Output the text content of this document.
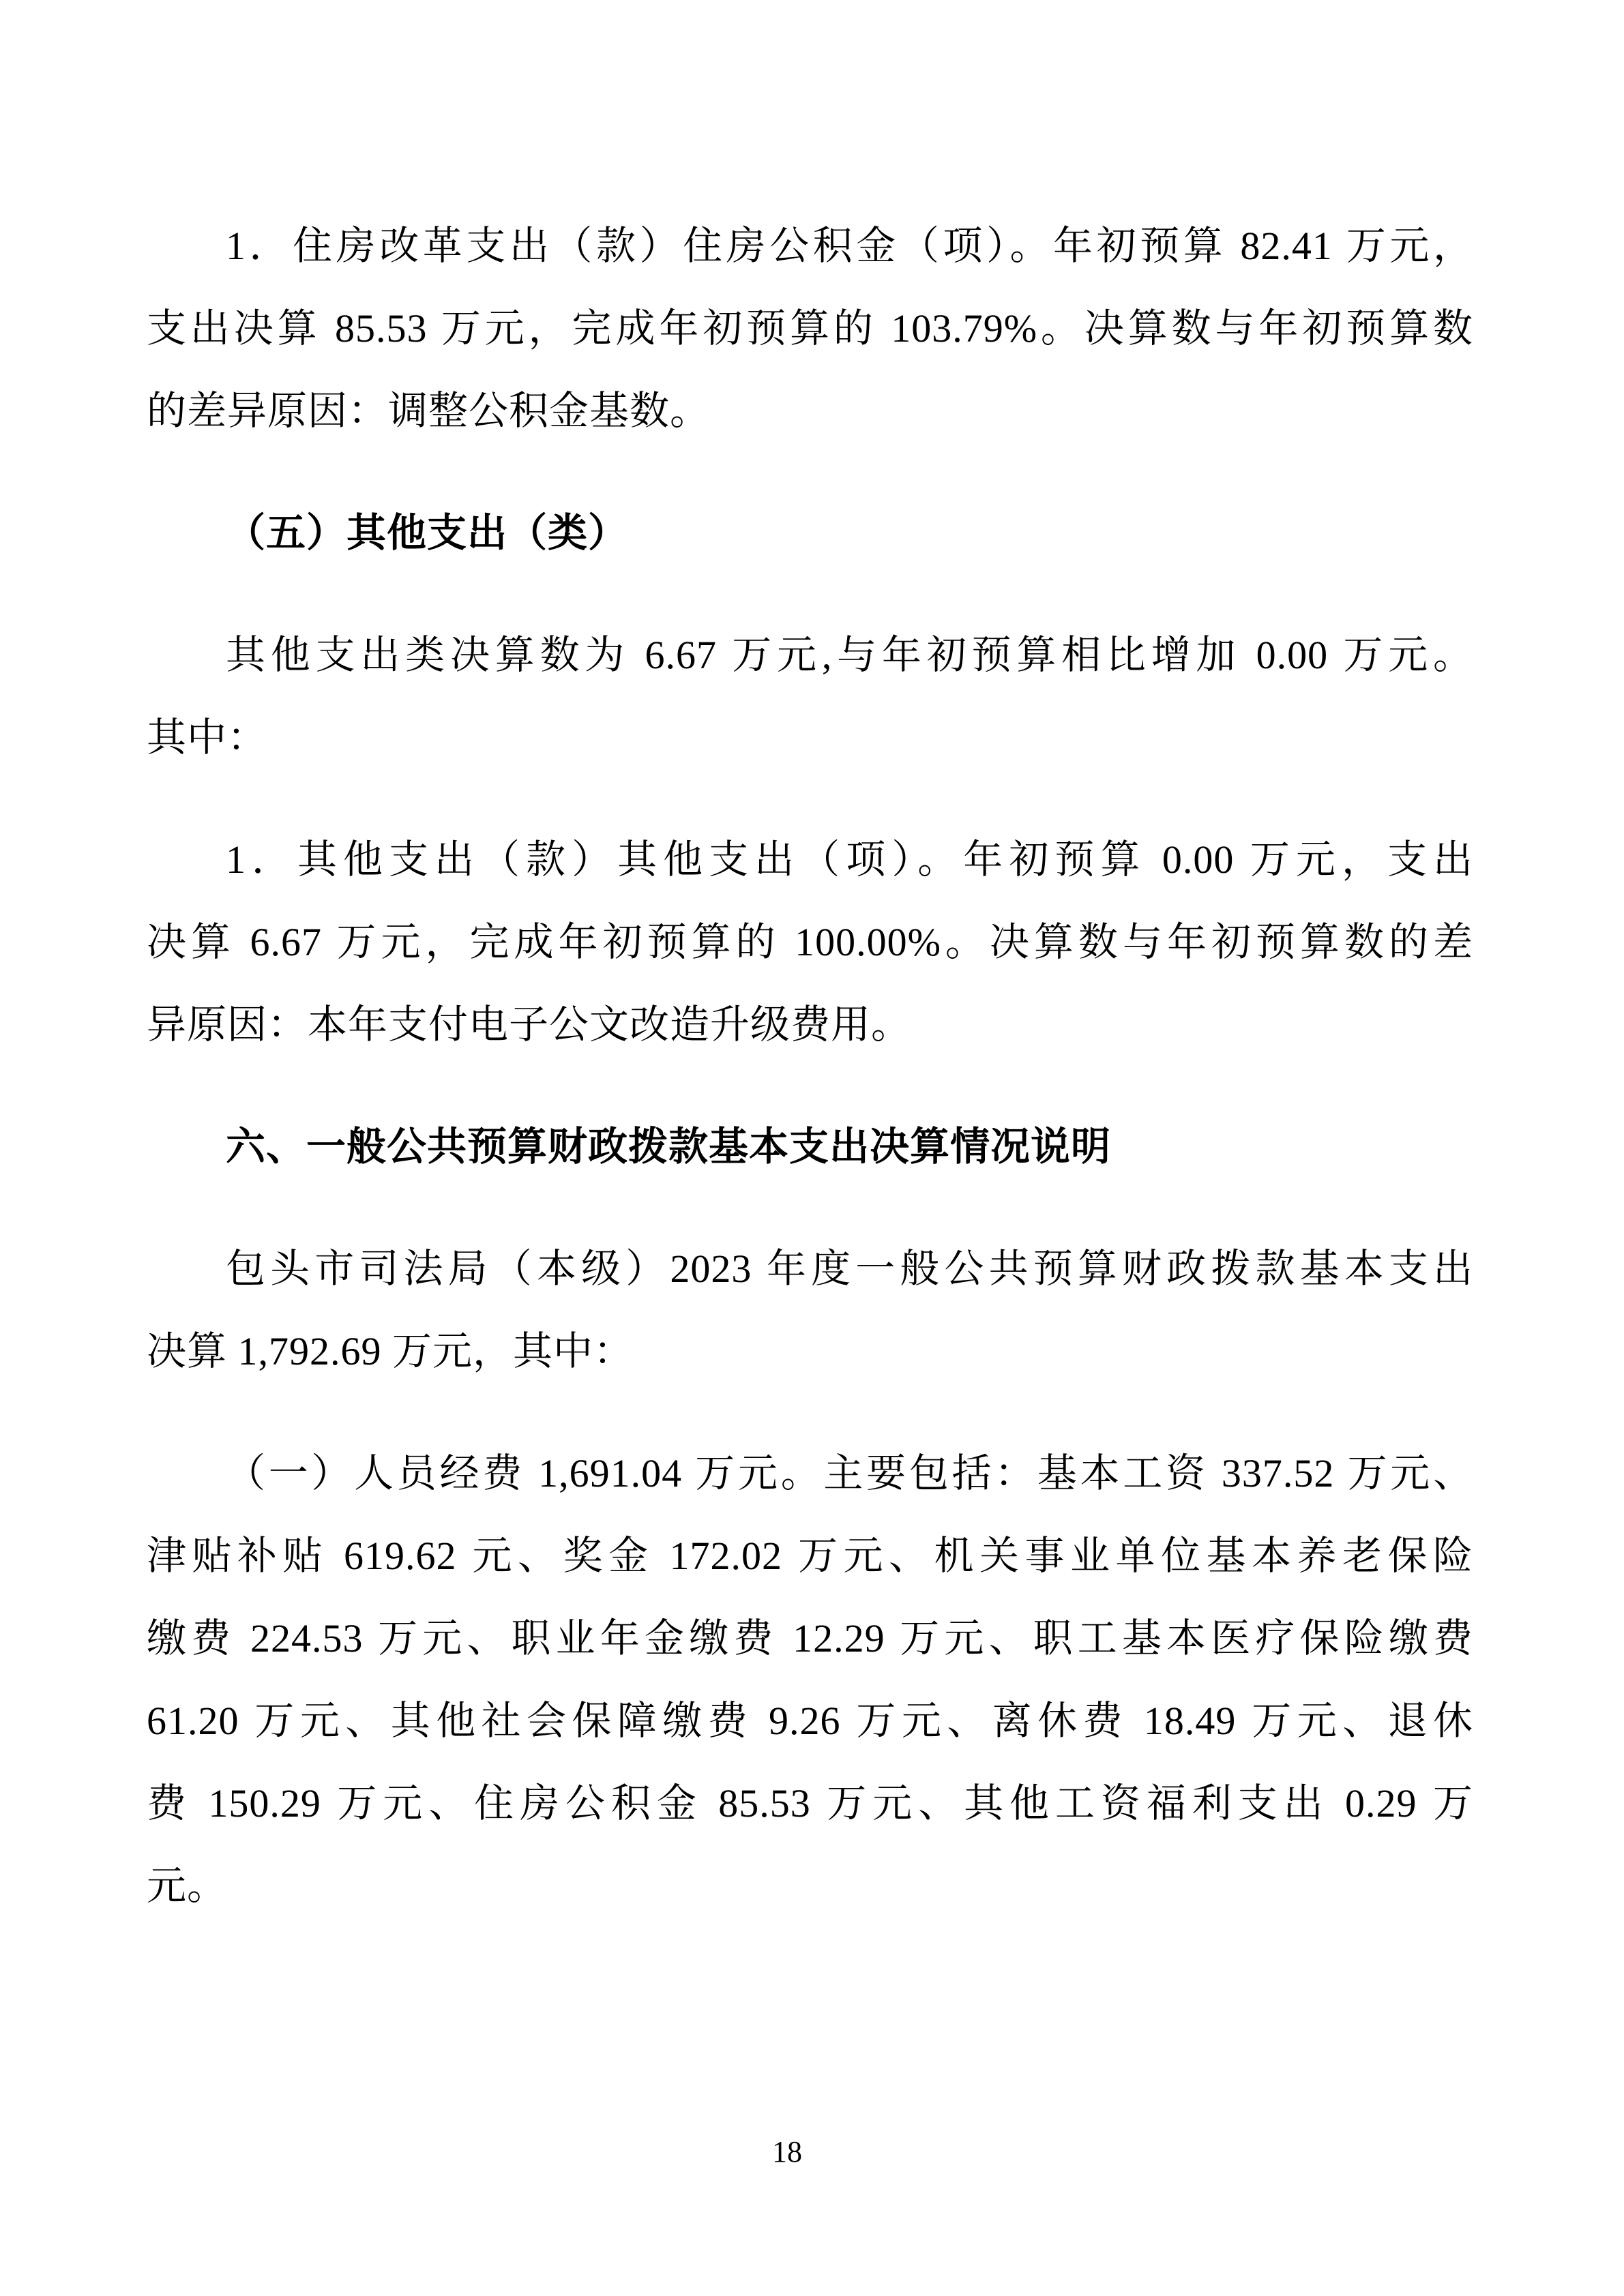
1．住房改革支出（款）住房公积金（项）。年初预算 82.41 万元，
支出决算 85.53 万元，完成年初预算的 103.79%。决算数与年初预算数
的差异原因：调整公积金基数。
（五）其他支出（类）
其他支出类决算数为 6.67 万元,与年初预算相比增加 0.00 万元。
其中：
1．其他支出（款）其他支出（项）。年初预算 0.00 万元，支出
决算 6.67 万元，完成年初预算的 100.00%。决算数与年初预算数的差
异原因：本年支付电子公文改造升级费用。
六、一般公共预算财政拨款基本支出决算情况说明
包头市司法局（本级）2023 年度一般公共预算财政拨款基本支出
决算 1,792.69 万元，其中：
（一）人员经费 1,691.04 万元。主要包括：基本工资 337.52 万元、
津贴补贴 619.62 元、奖金 172.02 万元、机关事业单位基本养老保险
缴费 224.53 万元、职业年金缴费 12.29 万元、职工基本医疗保险缴费
61.20 万元、其他社会保障缴费 9.26 万元、离休费 18.49 万元、退休
费 150.29 万元、住房公积金 85.53 万元、其他工资福利支出 0.29 万
元。
18
